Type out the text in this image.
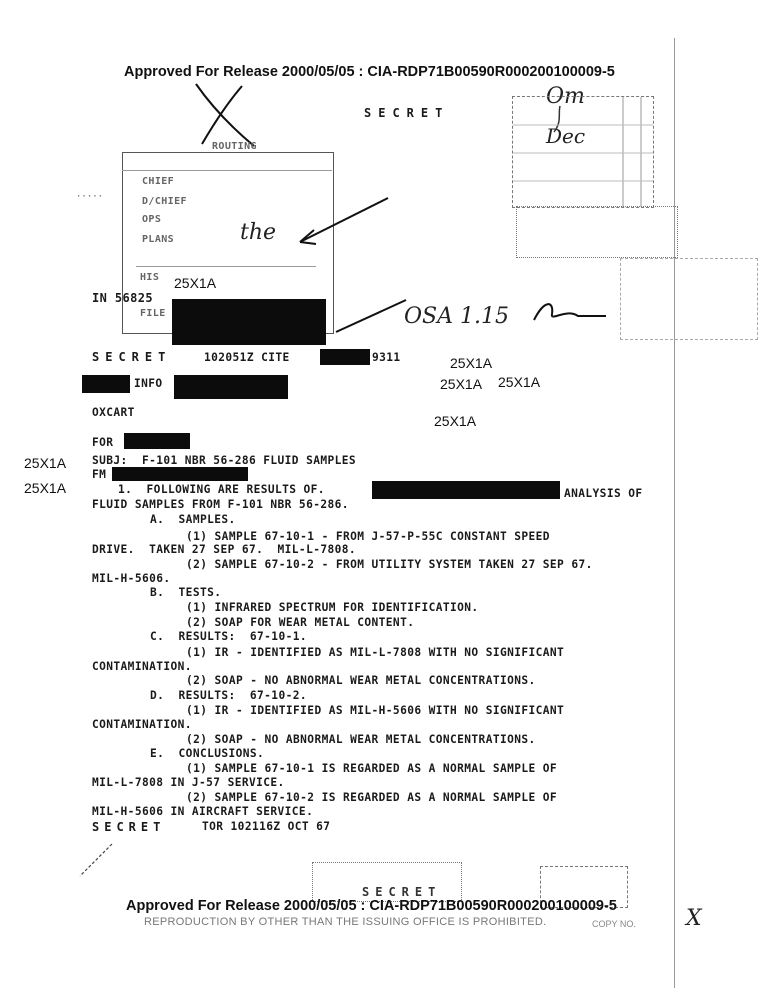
Approved For Release 2000/05/05 : CIA-RDP71B00590R000200100009-5
SECRET
Om
Dec
ROUTING
CHIEF
D/CHIEF
OPS
PLANS
HIS
FILE
the
·····
IN 56825
25X1A
OSA 1.15
SECRET	102051Z CITE	9311	25X1A
INFO	25X1A 25X1A
OXCART
25X1A
FOR
25X1A SUBJ:  F-101 NBR 56-286 FLUID SAMPLES
FM
25X1A	1.  FOLLOWING ARE RESULTS OF.	ANALYSIS OF
FLUID SAMPLES FROM F-101 NBR 56-286.
A.  SAMPLES.
(1) SAMPLE 67-10-1 - FROM J-57-P-55C CONSTANT SPEED
DRIVE.  TAKEN 27 SEP 67.  MIL-L-7808.
(2) SAMPLE 67-10-2 - FROM UTILITY SYSTEM TAKEN 27 SEP 67.
MIL-H-5606.
B.  TESTS.
(1) INFRARED SPECTRUM FOR IDENTIFICATION.
(2) SOAP FOR WEAR METAL CONTENT.
C.  RESULTS:  67-10-1.
(1) IR - IDENTIFIED AS MIL-L-7808 WITH NO SIGNIFICANT
CONTAMINATION.
(2) SOAP - NO ABNORMAL WEAR METAL CONCENTRATIONS.
D.  RESULTS:  67-10-2.
(1) IR - IDENTIFIED AS MIL-H-5606 WITH NO SIGNIFICANT
CONTAMINATION.
(2) SOAP - NO ABNORMAL WEAR METAL CONCENTRATIONS.
E.  CONCLUSIONS.
(1) SAMPLE 67-10-1 IS REGARDED AS A NORMAL SAMPLE OF
MIL-L-7808 IN J-57 SERVICE.
(2) SAMPLE 67-10-2 IS REGARDED AS A NORMAL SAMPLE OF
MIL-H-5606 IN AIRCRAFT SERVICE.
SECRET	TOR 102116Z OCT 67
SECRET
Approved For Release 2000/05/05 : CIA-RDP71B00590R000200100009-5
REPRODUCTION BY OTHER THAN THE ISSUING OFFICE IS PROHIBITED.	COPY NO. X
